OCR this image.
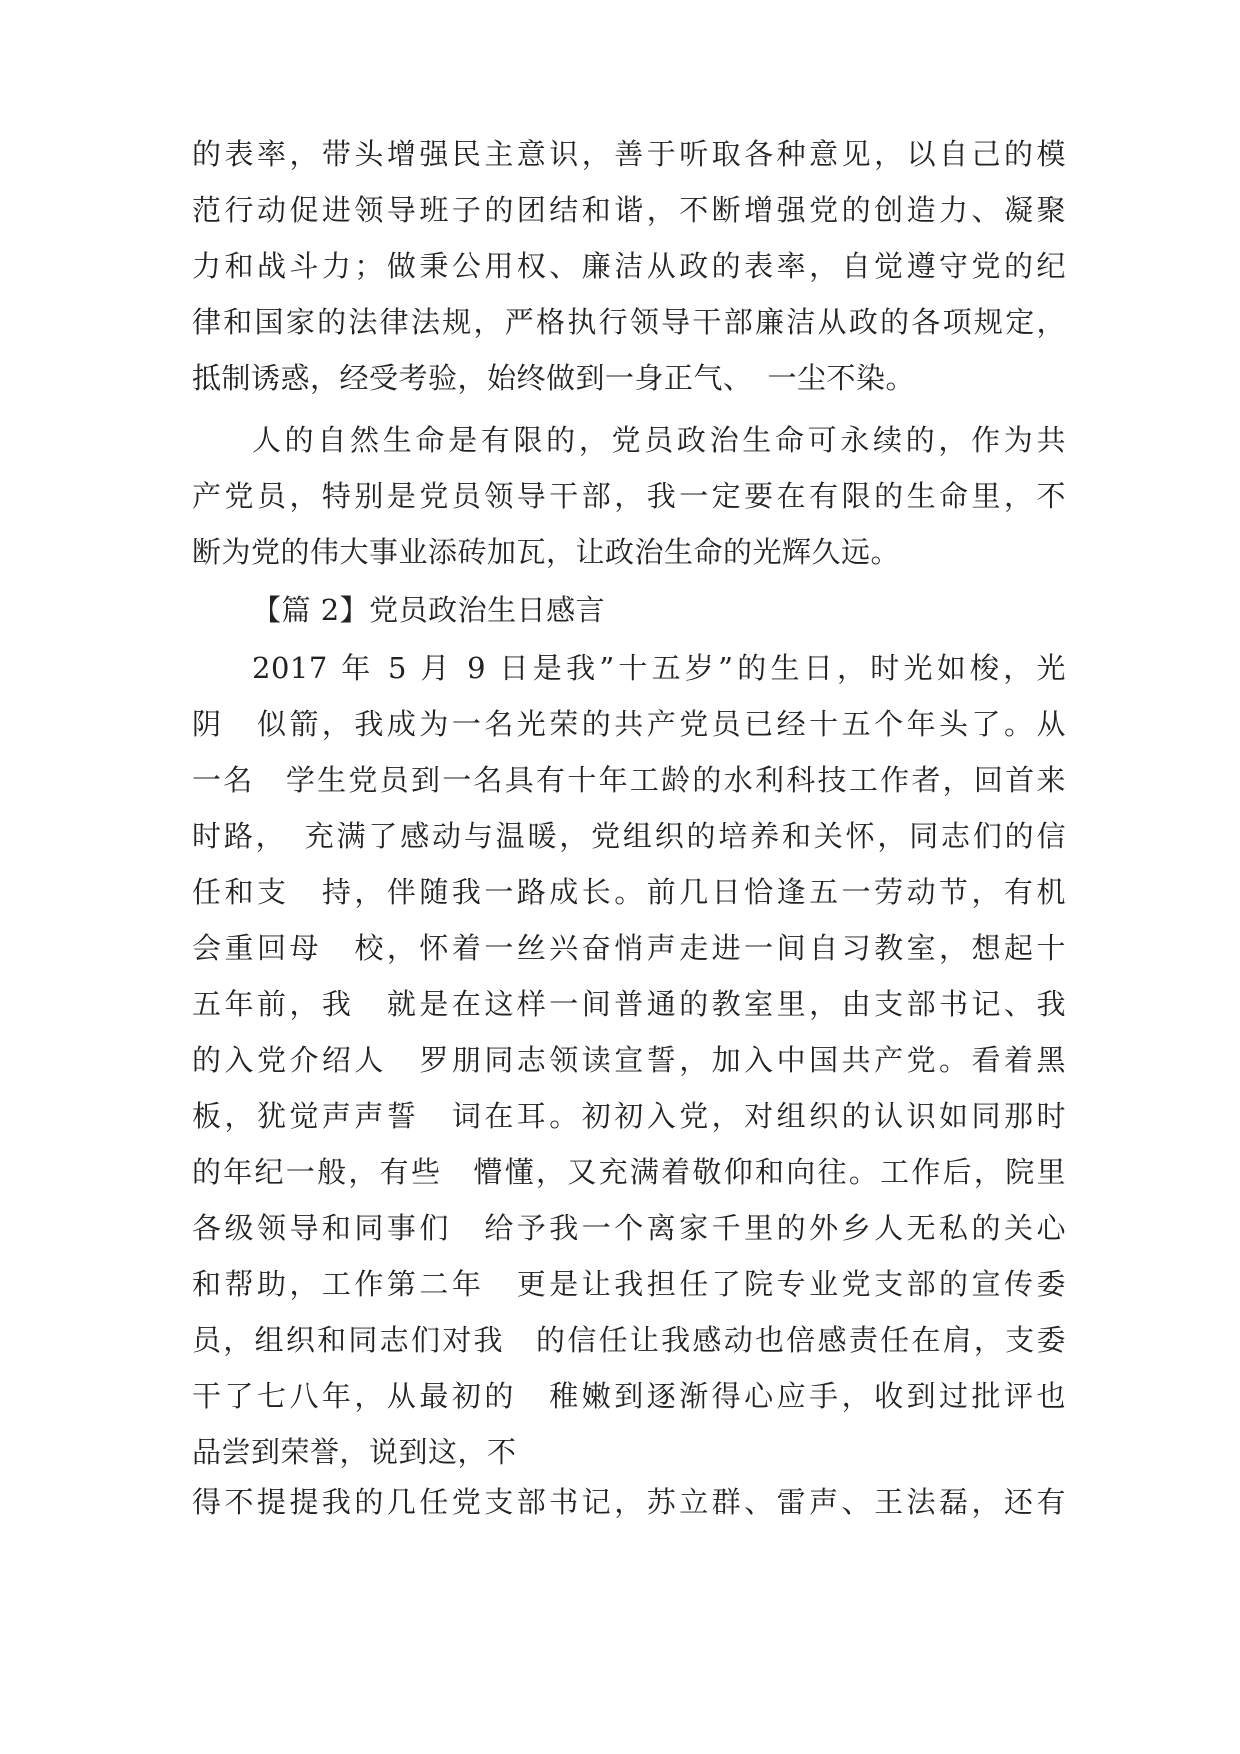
的表率，带头增强民主意识，善于听取各种意见，以自己的模
范行动促进领导班子的团结和谐，不断增强党的创造力、凝聚
力和战斗力；做秉公用权、廉洁从政的表率，自觉遵守党的纪
律和国家的法律法规，严格执行领导干部廉洁从政的各项规定，
抵制诱惑，经受考验，始终做到一身正气、　一尘不染。
人的自然生命是有限的，党员政治生命可永续的，作为共
产党员，特别是党员领导干部，我一定要在有限的生命里，不
断为党的伟大事业添砖加瓦，让政治生命的光辉久远。
【篇 2】党员政治生日感言
2017 年 5 月 9 日是我”十五岁”的生日，时光如梭，光
阴　似箭，我成为一名光荣的共产党员已经十五个年头了。从
一名　学生党员到一名具有十年工龄的水利科技工作者，回首来
时路，　充满了感动与温暖，党组织的培养和关怀，同志们的信
任和支　持，伴随我一路成长。前几日恰逢五一劳动节，有机
会重回母　校，怀着一丝兴奋悄声走进一间自习教室，想起十
五年前，我　就是在这样一间普通的教室里，由支部书记、我
的入党介绍人　罗朋同志领读宣誓，加入中国共产党。看着黑
板，犹觉声声誓　词在耳。初初入党，对组织的认识如同那时
的年纪一般，有些　懵懂，又充满着敬仰和向往。工作后，院里
各级领导和同事们　给予我一个离家千里的外乡人无私的关心
和帮助，工作第二年　更是让我担任了院专业党支部的宣传委
员，组织和同志们对我　的信任让我感动也倍感责任在肩，支委
干了七八年，从最初的　稚嫩到逐渐得心应手，收到过批评也
品尝到荣誉，说到这，不
得不提提我的几任党支部书记，苏立群、雷声、王法磊，还有
